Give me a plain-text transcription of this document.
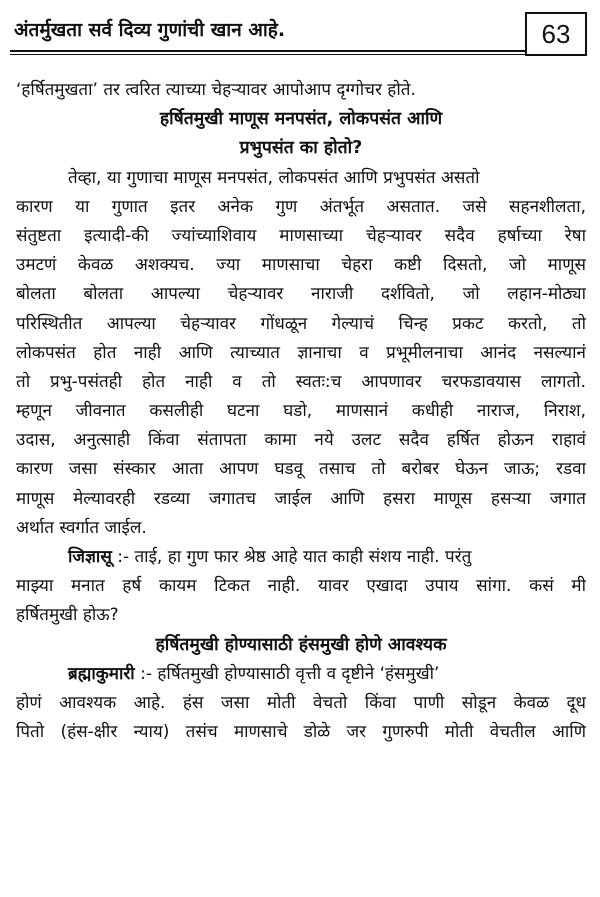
अंतर्मुखता सर्व दिव्य गुणांची खान आहे.	63
‘हर्षितमुखता’ तर त्वरित त्याच्या चेहऱ्यावर आपोआप दृग्गोचर होते.
हर्षितमुखी माणूस मनपसंत, लोकपसंत आणि
प्रभुपसंत का होतो?
तेव्हा, या गुणाचा माणूस मनपसंत, लोकपसंत आणि प्रभुपसंत असतो
कारण या गुणात इतर अनेक गुण अंतर्भूत असतात. जसे सहनशीलता,
संतुष्टता इत्यादी-की ज्यांच्याशिवाय माणसाच्या चेहऱ्यावर सदैव हर्षाच्या रेषा
उमटणं केवळ अशक्यच. ज्या माणसाचा चेहरा कष्टी दिसतो, जो माणूस
बोलता बोलता आपल्या चेहऱ्यावर नाराजी दर्शवितो, जो लहान-मोठ्या
परिस्थितीत आपल्या चेहऱ्यावर गोंधळून गेल्याचं चिन्ह प्रकट करतो, तो
लोकपसंत होत नाही आणि त्याच्यात ज्ञानाचा व प्रभूमीलनाचा आनंद नसल्यानं
तो प्रभु-पसंतही होत नाही व तो स्वतः:च आपणावर चरफडावयास लागतो.
म्हणून जीवनात कसलीही घटना घडो, माणसानं कधीही नाराज, निराश,
उदास, अनुत्साही किंवा संतापता कामा नये उलट सदैव हर्षित होऊन राहावं
कारण जसा संस्कार आता आपण घडवू तसाच तो बरोबर घेऊन जाऊ; रडवा
माणूस मेल्यावरही रडव्या जगातच जाईल आणि हसरा माणूस हसऱ्या जगात
अर्थात स्वर्गात जाईल.
जिज्ञासू :- ताई, हा गुण फार श्रेष्ठ आहे यात काही संशय नाही. परंतु
माझ्या मनात हर्ष कायम टिकत नाही. यावर एखादा उपाय सांगा. कसं मी
हर्षितमुखी होऊ?
हर्षितमुखी होण्यासाठी हंसमुखी होणे आवश्यक
ब्रह्माकुमारी :- हर्षितमुखी होण्यासाठी वृत्ती व दृष्टीने ‘हंसमुखी’
होणं आवश्यक आहे. हंस जसा मोती वेचतो किंवा पाणी सोडून केवळ दूध
पितो (हंस-क्षीर न्याय) तसंच माणसाचे डोळे जर गुणरुपी मोती वेचतील आणि
